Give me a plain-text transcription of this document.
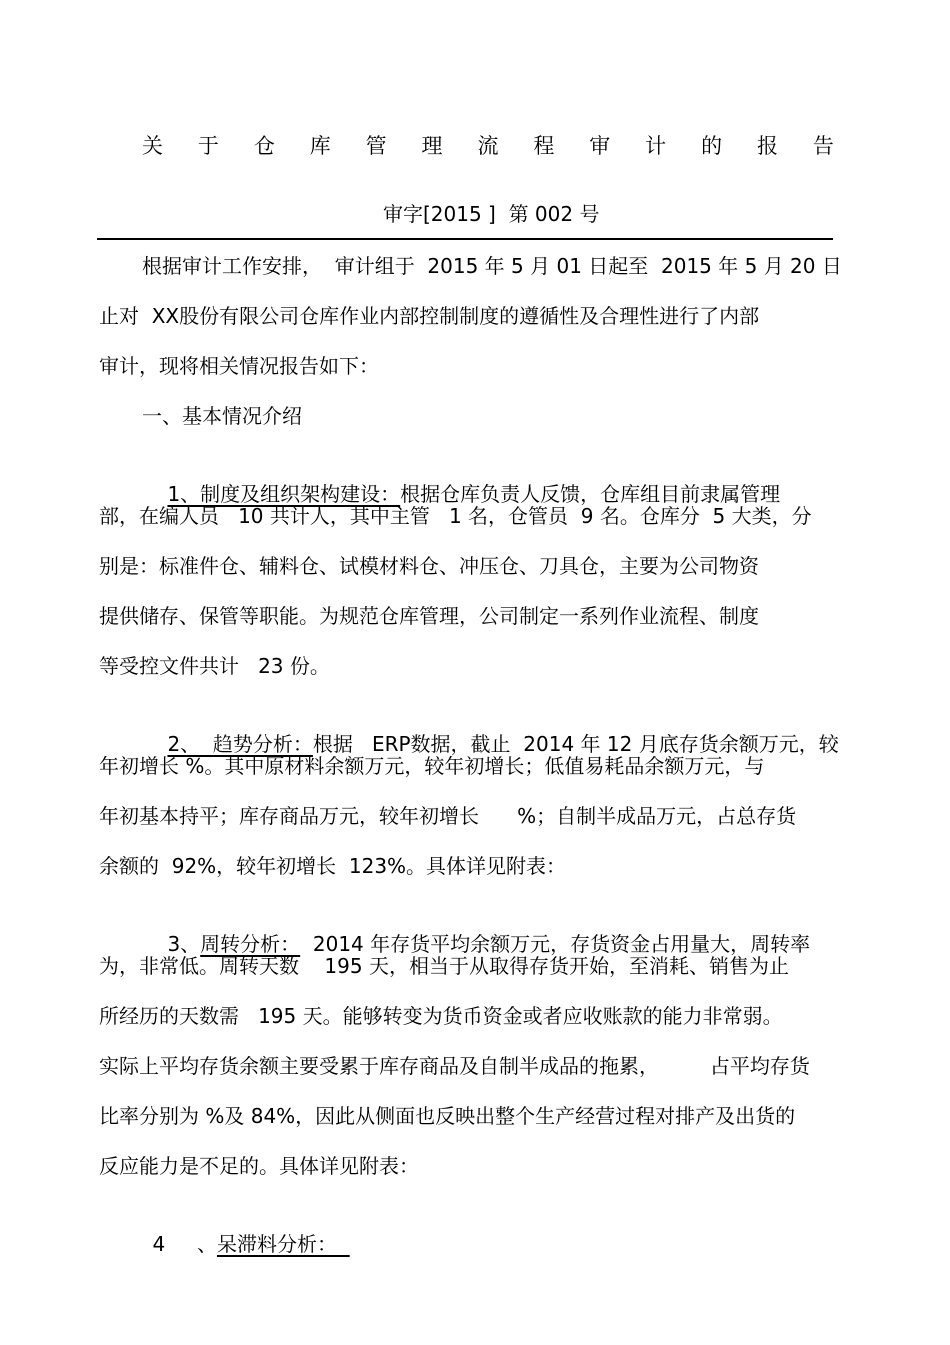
关 于 仓 库 管 理 流 程 审 计 的 报 告
审字[2015 ]  第 002 号
根据审计工作安排，  审计组于  2015 年 5 月 01 日起至  2015 年 5 月 20 日
止对  XX股份有限公司仓库作业内部控制制度的遵循性及合理性进行了内部
审计，现将相关情况报告如下：
一、基本情况介绍

1、制度及组织架构建设：根据仓库负责人反馈，仓库组目前隶属管理

部，在编人员   10 共计人，其中主管   1 名，仓管员  9 名。仓库分  5 大类，分
别是：标准件仓、辅料仓、试模材料仓、冲压仓、刀具仓，主要为公司物资
提供储存、保管等职能。为规范仓库管理，公司制定一系列作业流程、制度
等受控文件共计   23 份。

2、  趋势分析：根据   ERP数据，截止  2014 年 12 月底存货余额万元，较

年初增长 %。其中原材料余额万元，较年初增长；低值易耗品余额万元，与
年初基本持平；库存商品万元，较年初增长      %；自制半成品万元，占总存货
余额的  92%，较年初增长  123%。具体详见附表：

3、周转分析：  2014 年存货平均余额万元，存货资金占用量大，周转率

为，非常低。周转天数    195 天，相当于从取得存货开始，至消耗、销售为止
所经历的天数需   195 天。能够转变为货币资金或者应收账款的能力非常弱。
实际上平均存货余额主要受累于库存商品及自制半成品的拖累，        占平均存货
比率分别为 %及 84%，因此从侧面也反映出整个生产经营过程对排产及出货的
反应能力是不足的。具体详见附表：

4     、呆滞料分析：
